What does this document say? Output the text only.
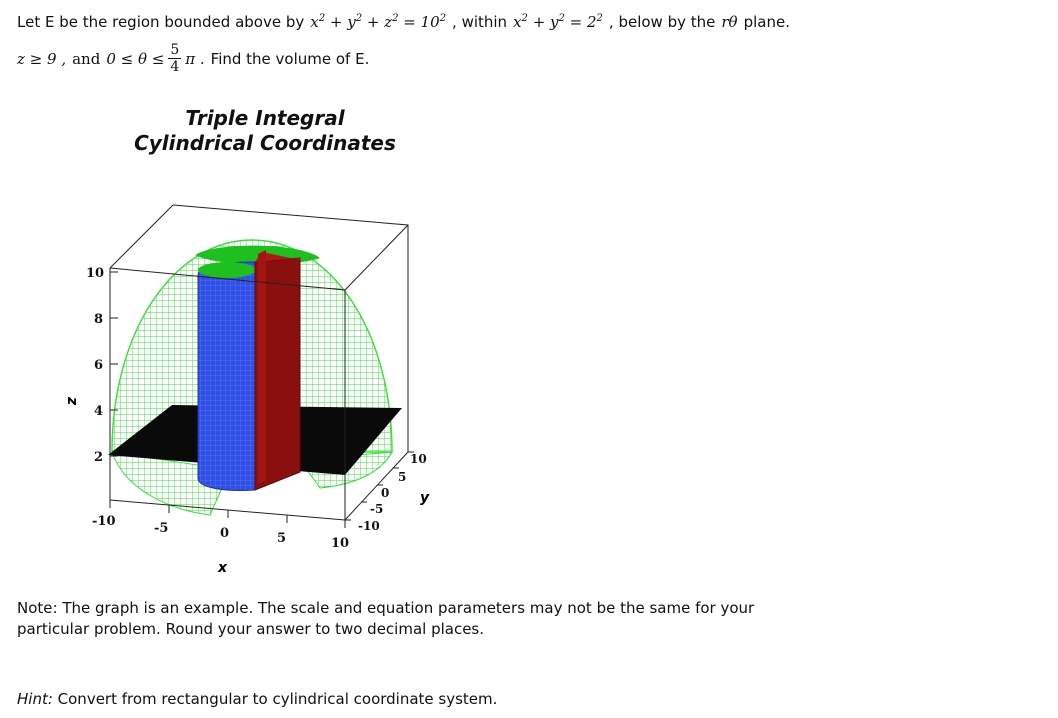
Let E be the region bounded above by $x^2 + y^2 + z^2 = 10^2$ , within $x^2 + y^2 = 2^2$ , below by the rθ plane.
z ≥ 9 , and $0 \le \theta \le \frac{5}{4}$ π . Find the volume of E.
Triple Integral
Cylindrical Coordinates
10
8
6
4
2
z
-10	-5	0	5	10
x
10
5
0
-5
-10
y
Note: The graph is an example. The scale and equation parameters may not be the same for your particular problem. Round your answer to two decimal places.
Hint: Convert from rectangular to cylindrical coordinate system.
